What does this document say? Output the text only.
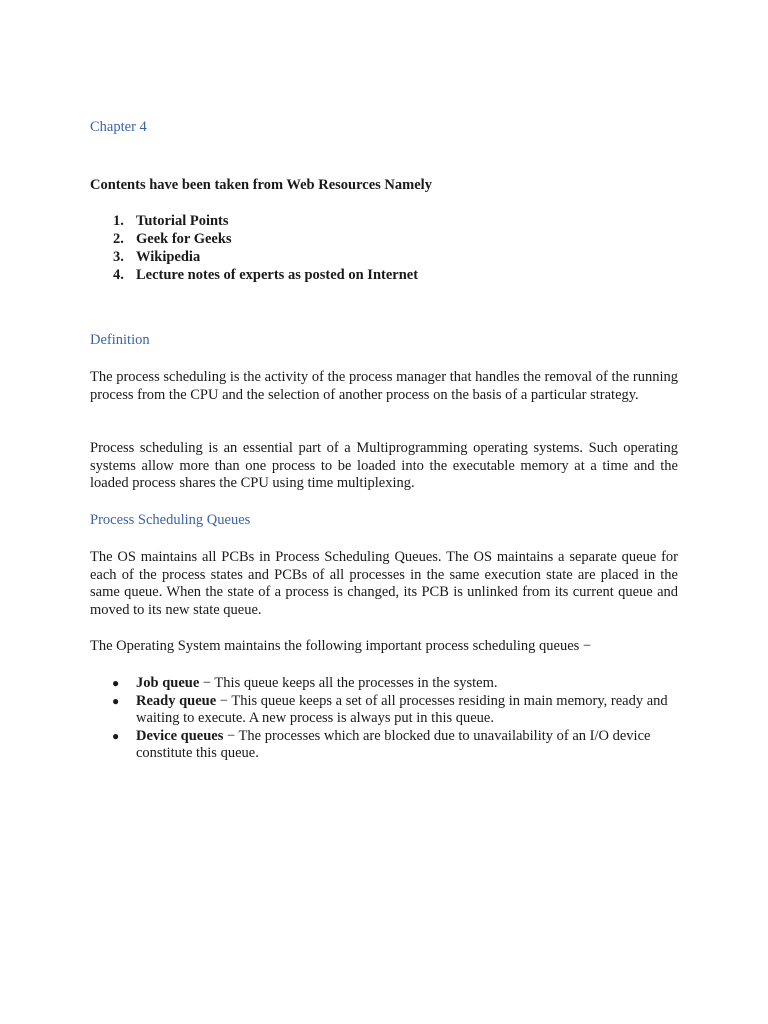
Chapter 4

Contents have been taken from Web Resources Namely

1. Tutorial Points
2. Geek for Geeks
3. Wikipedia
4. Lecture notes of experts as posted on Internet

Definition

The process scheduling is the activity of the process manager that handles the removal of the running process from the CPU and the selection of another process on the basis of a particular strategy.

Process scheduling is an essential part of a Multiprogramming operating systems. Such operating systems allow more than one process to be loaded into the executable memory at a time and the loaded process shares the CPU using time multiplexing.

Process Scheduling Queues

The OS maintains all PCBs in Process Scheduling Queues. The OS maintains a separate queue for each of the process states and PCBs of all processes in the same execution state are placed in the same queue. When the state of a process is changed, its PCB is unlinked from its current queue and moved to its new state queue.

The Operating System maintains the following important process scheduling queues −

●	Job queue − This queue keeps all the processes in the system.
●	Ready queue − This queue keeps a set of all processes residing in main memory, ready and waiting to execute. A new process is always put in this queue.
●	Device queues − The processes which are blocked due to unavailability of an I/O device constitute this queue.
